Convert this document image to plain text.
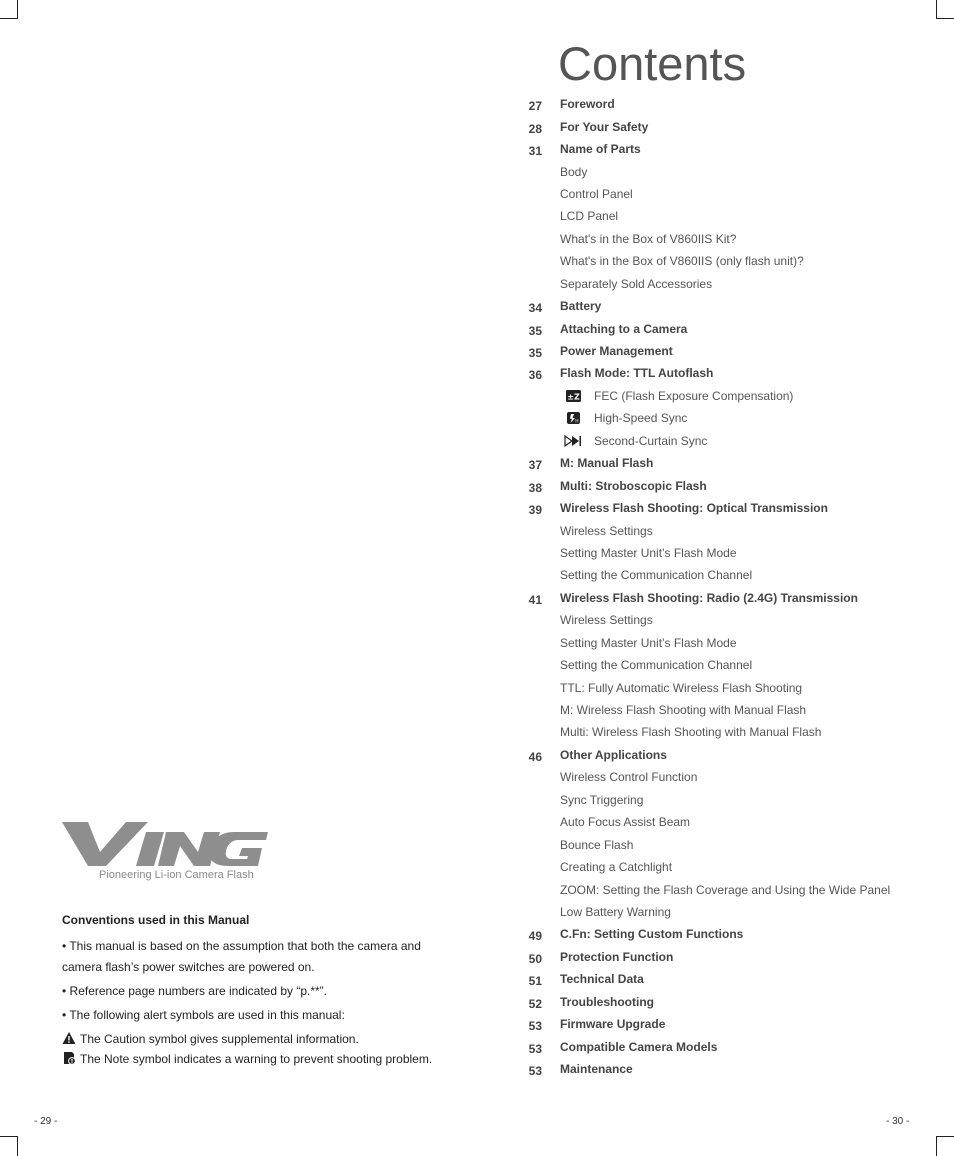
Pioneering Li-ion Camera Flash
Conventions used in this Manual

• This manual is based on the assumption that both the camera and camera flash’s power switches are powered on.

• Reference page numbers are indicated by “p.**”.

• The following alert symbols are used in this manual:

The Caution symbol gives supplemental information.
The Note symbol indicates a warning to prevent shooting problem.
- 29 -	- 30 -
Contents
27	Foreword
28	For Your Safety
31	Name of Parts
Body
Control Panel
LCD Panel
What's in the Box of V860IIS Kit?
What's in the Box of V860IIS (only flash unit)?
Separately Sold Accessories
34	Battery
35	Attaching to a Camera
35	Power Management
36	Flash Mode: TTL Autoflash
±Z FEC (Flash Exposure Compensation)
H High-Speed Sync
Second-Curtain Sync
37	M: Manual Flash
38	Multi: Stroboscopic Flash
39	Wireless Flash Shooting: Optical Transmission
Wireless Settings
Setting Master Unit’s Flash Mode
Setting the Communication Channel
41	Wireless Flash Shooting: Radio (2.4G) Transmission
Wireless Settings
Setting Master Unit’s Flash Mode
Setting the Communication Channel
TTL: Fully Automatic Wireless Flash Shooting
M: Wireless Flash Shooting with Manual Flash
Multi: Wireless Flash Shooting with Manual Flash
46	Other Applications
Wireless Control Function
Sync Triggering
Auto Focus Assist Beam
Bounce Flash
Creating a Catchlight
ZOOM: Setting the Flash Coverage and Using the Wide Panel
Low Battery Warning
49	C.Fn: Setting Custom Functions
50	Protection Function
51	Technical Data
52	Troubleshooting
53	Firmware Upgrade
53	Compatible Camera Models
53	Maintenance
